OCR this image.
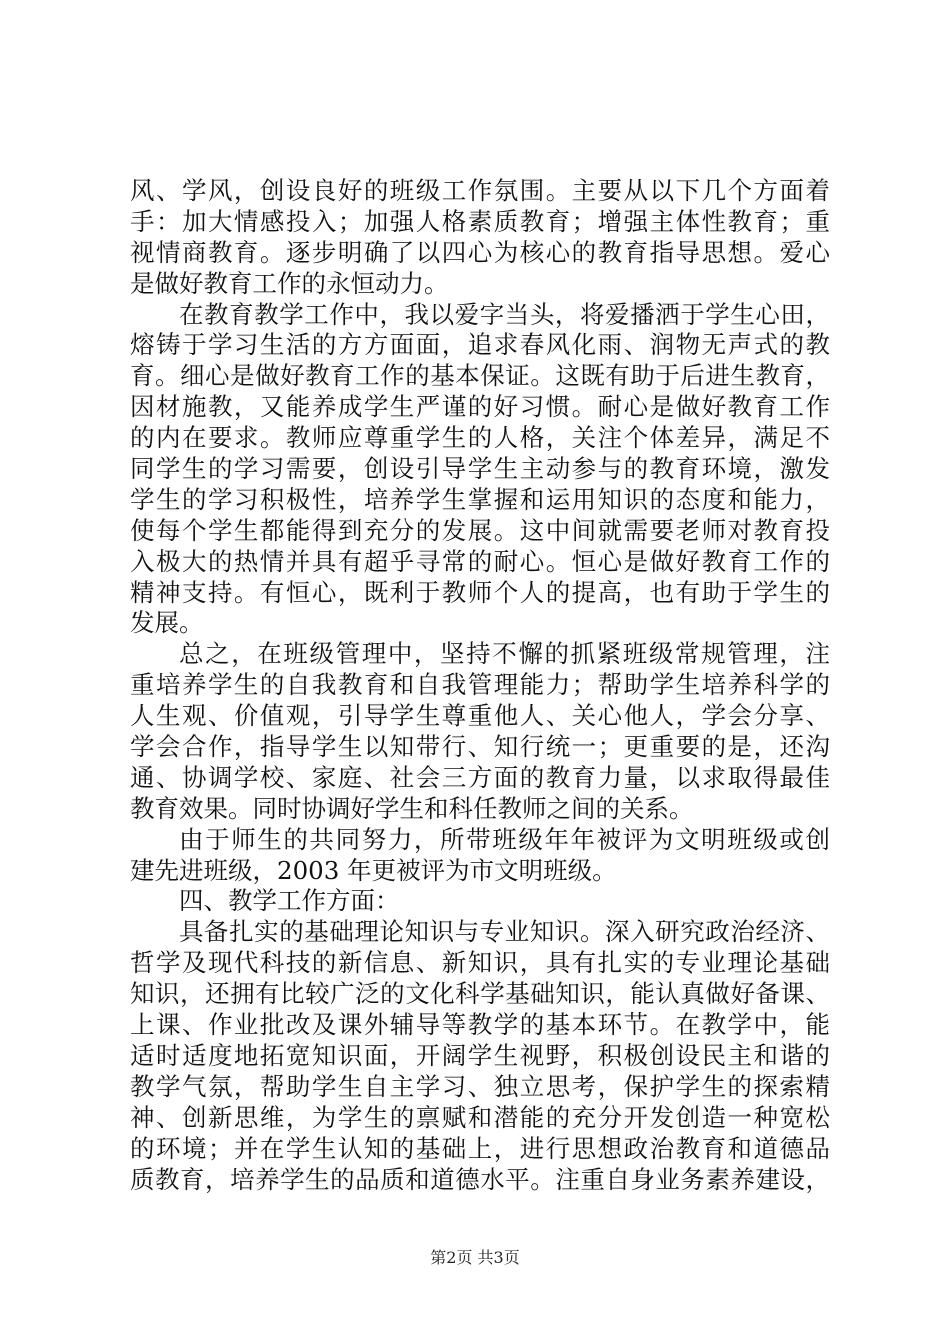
风、学风，创设良好的班级工作氛围。主要从以下几个方面着
手：加大情感投入；加强人格素质教育；增强主体性教育；重
视情商教育。逐步明确了以四心为核心的教育指导思想。爱心
是做好教育工作的永恒动力。
在教育教学工作中，我以爱字当头，将爱播洒于学生心田，
熔铸于学习生活的方方面面，追求春风化雨、润物无声式的教
育。细心是做好教育工作的基本保证。这既有助于后进生教育，
因材施教，又能养成学生严谨的好习惯。耐心是做好教育工作
的内在要求。教师应尊重学生的人格，关注个体差异，满足不
同学生的学习需要，创设引导学生主动参与的教育环境，激发
学生的学习积极性，培养学生掌握和运用知识的态度和能力，
使每个学生都能得到充分的发展。这中间就需要老师对教育投
入极大的热情并具有超乎寻常的耐心。恒心是做好教育工作的
精神支持。有恒心，既利于教师个人的提高，也有助于学生的
发展。
总之，在班级管理中，坚持不懈的抓紧班级常规管理，注
重培养学生的自我教育和自我管理能力；帮助学生培养科学的
人生观、价值观，引导学生尊重他人、关心他人，学会分享、
学会合作，指导学生以知带行、知行统一；更重要的是，还沟
通、协调学校、家庭、社会三方面的教育力量，以求取得最佳
教育效果。同时协调好学生和科任教师之间的关系。
由于师生的共同努力，所带班级年年被评为文明班级或创
建先进班级，2003 年更被评为市文明班级。
四、教学工作方面：
具备扎实的基础理论知识与专业知识。深入研究政治经济、
哲学及现代科技的新信息、新知识，具有扎实的专业理论基础
知识，还拥有比较广泛的文化科学基础知识，能认真做好备课、
上课、作业批改及课外辅导等教学的基本环节。在教学中，能
适时适度地拓宽知识面，开阔学生视野，积极创设民主和谐的
教学气氛，帮助学生自主学习、独立思考，保护学生的探索精
神、创新思维，为学生的禀赋和潜能的充分开发创造一种宽松
的环境；并在学生认知的基础上，进行思想政治教育和道德品
质教育，培养学生的品质和道德水平。注重自身业务素养建设，
第2页 共3页
